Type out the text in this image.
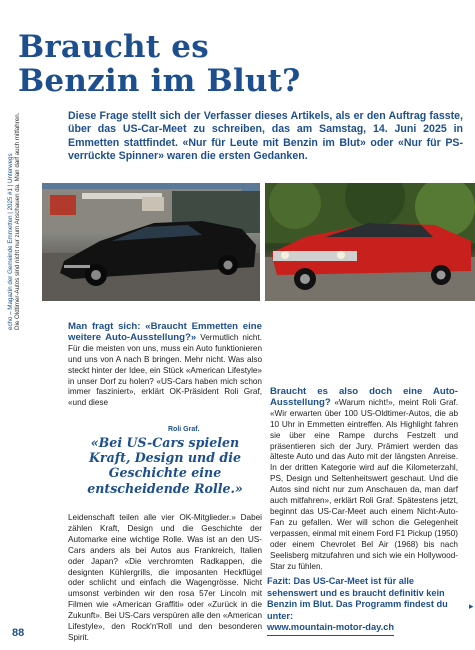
Braucht es
Benzin im Blut?
Diese Frage stellt sich der Verfasser dieses Artikels, als er den Auftrag fasste, über das US-Car-Meet zu schreiben, das am Samstag, 14. Juni 2025 in Emmetten stattfindet. «Nur für Leute mit Benzin im Blut» oder «Nur für PS-verrückte Spinner» waren die ersten Gedanken.
echo – Magazin der Gemeinde Emmetten | 2025 #1 | Unterwegs Die Oldtimer-Autos sind nicht nur zum Anschauen da. Man darf auch mitfahren.	Man fragt sich: «Braucht Emmetten eine weitere Auto-Ausstellung?» Vermutlich nicht. Für die meisten von uns, muss ein Auto funktionieren und uns von A nach B bringen. Mehr nicht. Was also steckt hinter der Idee, ein Stück «American Lifestyle» in unser Dorf zu holen? «US-Cars haben mich schon immer fasziniert», erklärt OK-Präsident Roli Graf, «und diese

Roli Graf.
«Bei US-Cars spielen Kraft, Design und die Geschichte eine entscheidende Rolle.»

Leidenschaft teilen alle vier OK-Mitglieder.» Dabei zählen Kraft, Design und die Geschichte der Automarke eine wichtige Rolle. Was ist an den US-Cars anders als bei Autos aus Frankreich, Italien oder Japan? «Die verchromten Radkappen, die designten Kühlergrills, die imposanten Heckflügel oder schlicht und einfach die Wagengrösse. Nicht umsonst verbinden wir den rosa 57er Lincoln mit Filmen wie «American Graffiti» oder «Zurück in die Zukunft». Bei US-Cars verspüren alle den «American Lifestyle», den Rock'n'Roll und den besonderen Spirit.

Braucht es also doch eine Auto-Ausstellung? «Warum nicht!», meint Roli Graf. «Wir erwarten über 100 US-Oldtimer-Autos, die ab 10 Uhr in Emmetten eintreffen. Als Highlight fahren sie über eine Rampe durchs Festzelt und präsentieren sich der Jury. Prämiert werden das älteste Auto und das Auto mit der längsten Anreise. In der dritten Kategorie wird auf die Kilometerzahl, PS, Design und Seltenheitswert geschaut. Und die Autos sind nicht nur zum Anschauen da, man darf auch mitfahren», erklärt Roli Graf. Spätestens jetzt, beginnt das US-Car-Meet auch einem Nicht-Auto-Fan zu gefallen. Wer will schon die Gelegenheit verpassen, einmal mit einem Ford F1 Pickup (1950) oder einem Chevrolet Bel Air (1968) bis nach Seelisberg mitzufahren und sich wie ein Hollywood-Star zu fühlen.

Fazit: Das US-Car-Meet ist für alle sehenswert und es braucht definitiv kein Benzin im Blut. Das Programm findest du unter:
www.mountain-motor-day.ch
88
▸
